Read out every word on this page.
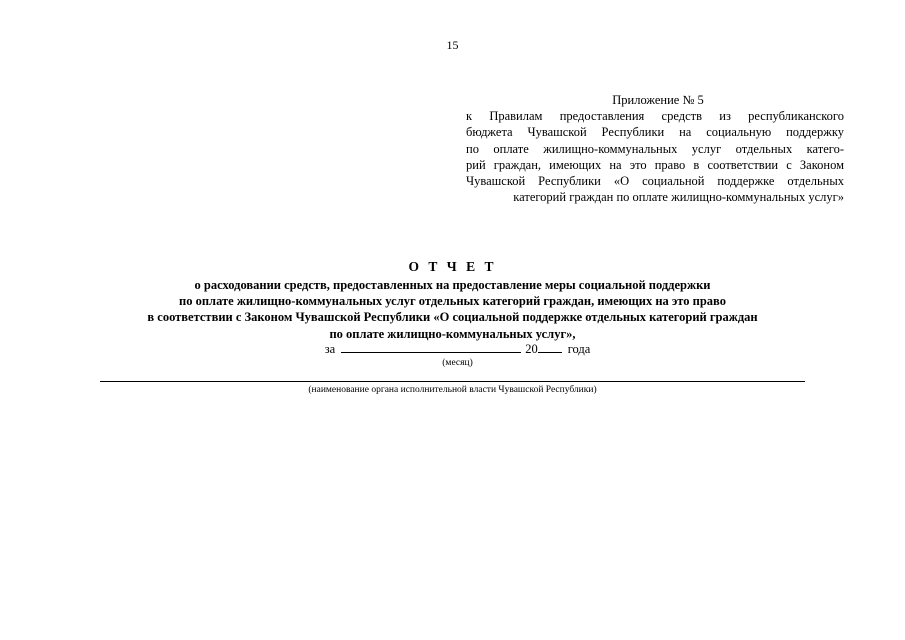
15
Приложение № 5
к Правилам предоставления средств из республиканского
бюджета Чувашской Республики на социальную поддержку
по оплате жилищно-коммунальных услуг отдельных катего-
рий граждан, имеющих на это право в соответствии с Законом
Чувашской Республики «О социальной поддержке отдельных
категорий граждан по оплате жилищно-коммунальных услуг»
О Т Ч Е Т
о расходовании средств, предоставленных на предоставление меры социальной поддержки
по оплате жилищно-коммунальных услуг отдельных категорий граждан, имеющих на это право
в соответствии с Законом Чувашской Республики «О социальной поддержке отдельных категорий граждан
по оплате жилищно-коммунальных услуг»,
за	20 года
(месяц)
(наименование органа исполнительной власти Чувашской Республики)
